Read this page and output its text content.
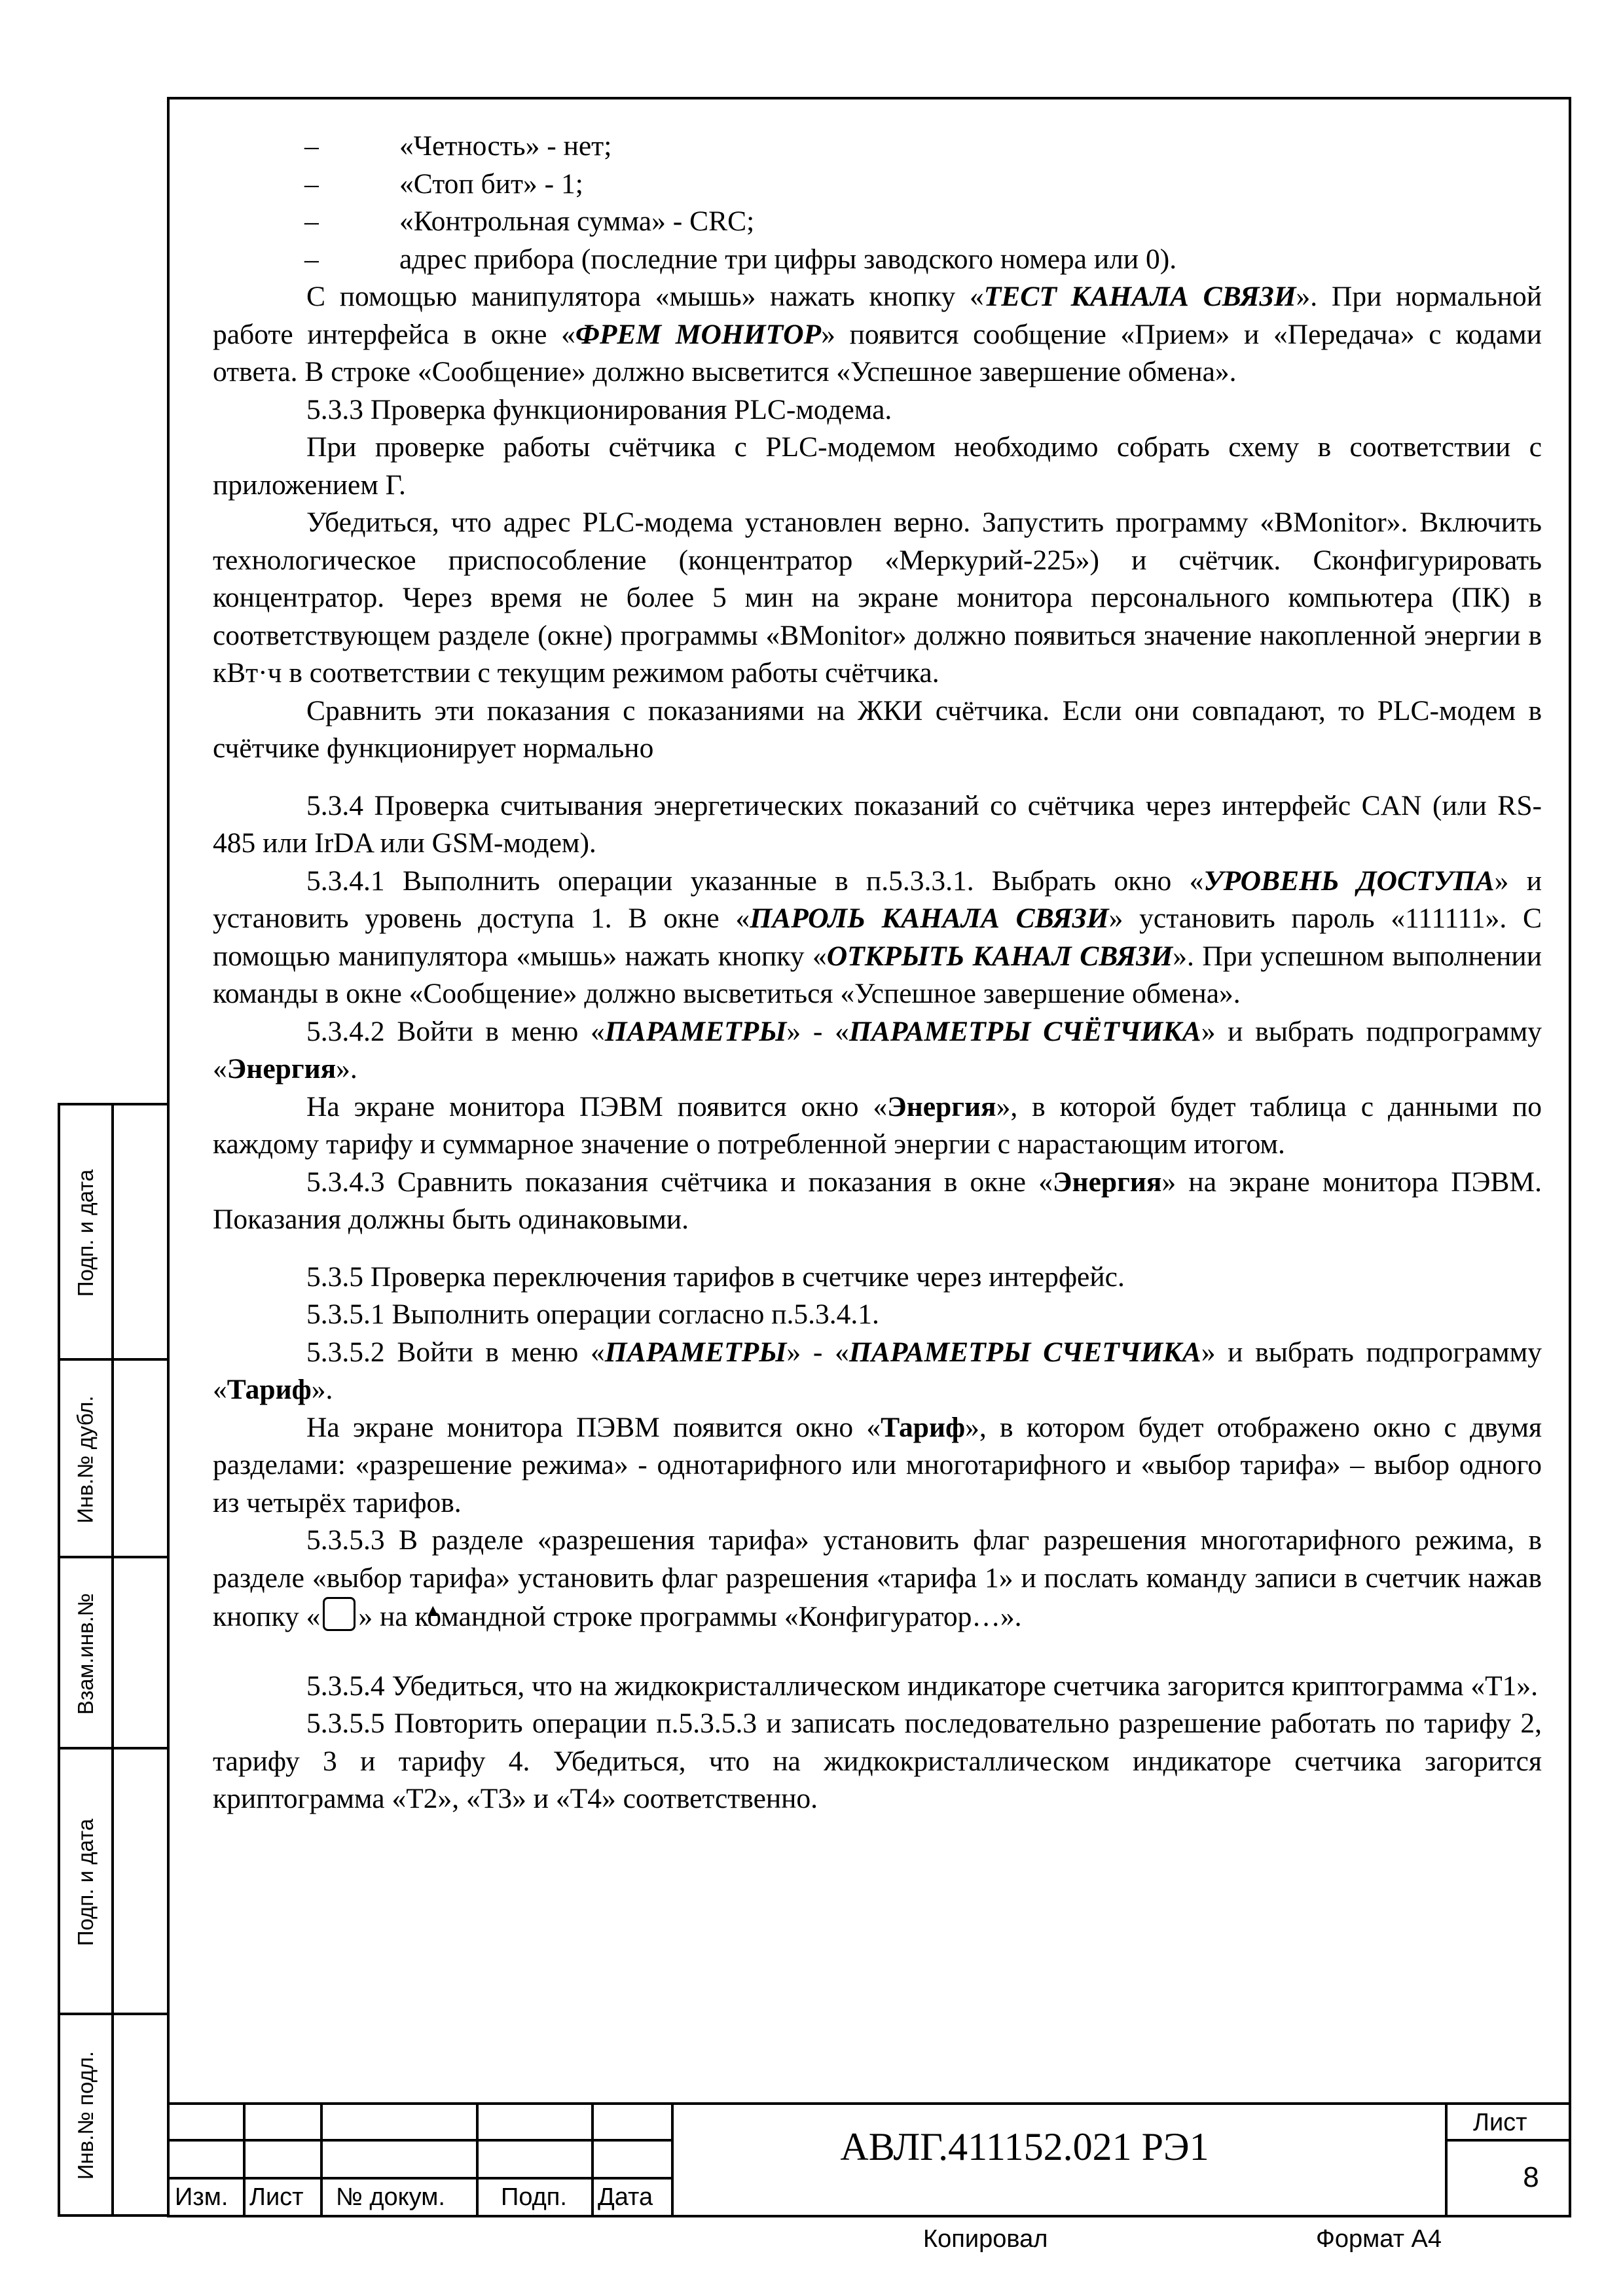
–	«Четность» - нет;

–	«Стоп бит» - 1;

–	«Контрольная сумма» - CRC;

–	адрес прибора (последние три цифры заводского номера или 0).

С помощью манипулятора «мышь» нажать кнопку «ТЕСТ КАНАЛА СВЯЗИ». При нормальной работе интерфейса в окне «ФРЕМ МОНИТОР» появится сообщение «Прием» и «Передача» с кодами ответа. В строке «Сообщение» должно высветится «Успешное завершение обмена».

5.3.3 Проверка функционирования PLC-модема.

При проверке работы счётчика с PLC-модемом необходимо собрать схему в соответствии с приложением Г.

Убедиться, что адрес PLC-модема установлен верно. Запустить программу «BMonitor». Включить технологическое приспособление (концентратор «Меркурий-225») и счётчик. Сконфигурировать концентратор. Через время не более 5 мин на экране монитора персонального компьютера (ПК) в соответствующем разделе (окне) программы «BMonitor» должно появиться значение накопленной энергии в кВт·ч в соответствии с текущим режимом работы счётчика.

Сравнить эти показания с показаниями на ЖКИ счётчика. Если они совпадают, то PLC-модем в счётчике функционирует нормально

5.3.4 Проверка считывания энергетических показаний со счётчика через интерфейс CAN (или RS-485 или IrDA или GSM-модем).

5.3.4.1 Выполнить операции указанные в п.5.3.3.1. Выбрать окно «УРОВЕНЬ ДОСТУПА» и установить уровень доступа 1. В окне «ПАРОЛЬ КАНАЛА СВЯЗИ» установить пароль «111111». С помощью манипулятора «мышь» нажать кнопку «ОТКРЫТЬ КАНАЛ СВЯЗИ». При успешном выполнении команды в окне «Сообщение» должно высветиться «Успешное завершение обмена».

5.3.4.2 Войти в меню «ПАРАМЕТРЫ» - «ПАРАМЕТРЫ СЧЁТЧИКА» и выбрать подпрограмму «Энергия».

На экране монитора ПЭВМ появится окно «Энергия», в которой будет таблица с данными по каждому тарифу и суммарное значение о потребленной энергии с нарастающим итогом.

5.3.4.3 Сравнить показания счётчика и показания в окне «Энергия» на экране монитора ПЭВМ. Показания должны быть одинаковыми.

5.3.5 Проверка переключения тарифов в счетчике через интерфейс.

5.3.5.1 Выполнить операции согласно п.5.3.4.1.

5.3.5.2 Войти в меню «ПАРАМЕТРЫ» - «ПАРАМЕТРЫ СЧЕТЧИКА» и выбрать подпрограмму «Тариф».

На экране монитора ПЭВМ появится окно «Тариф», в котором будет отображено окно с двумя разделами: «разрешение режима» - однотарифного или многотарифного и «выбор тарифа» – выбор одного из четырёх тарифов.

5.3.5.3 В разделе «разрешения тарифа» установить флаг разрешения многотарифного режима, в разделе «выбор тарифа» установить флаг разрешения «тарифа 1» и послать команду записи в счетчик нажав кнопку «▲ » на командной строке программы «Конфигуратор…».

5.3.5.4 Убедиться, что на жидкокристаллическом индикаторе счетчика загорится криптограмма «Т1».

5.3.5.5 Повторить операции п.5.3.5.3 и записать последовательно разрешение работать по тарифу 2, тарифу 3 и тарифу 4. Убедиться, что на жидкокристаллическом индикаторе счетчика загорится криптограмма «Т2», «Т3» и «Т4» соответственно.

Подп. и дата
Инв.№ дубл.
Взам.инв.№
Подп. и дата
Инв.№ подл.
Изм. Лист № докум. Подп. Дата
АВЛГ.411152.021 РЭ1
Лист
8
Копировал	Формат А4
